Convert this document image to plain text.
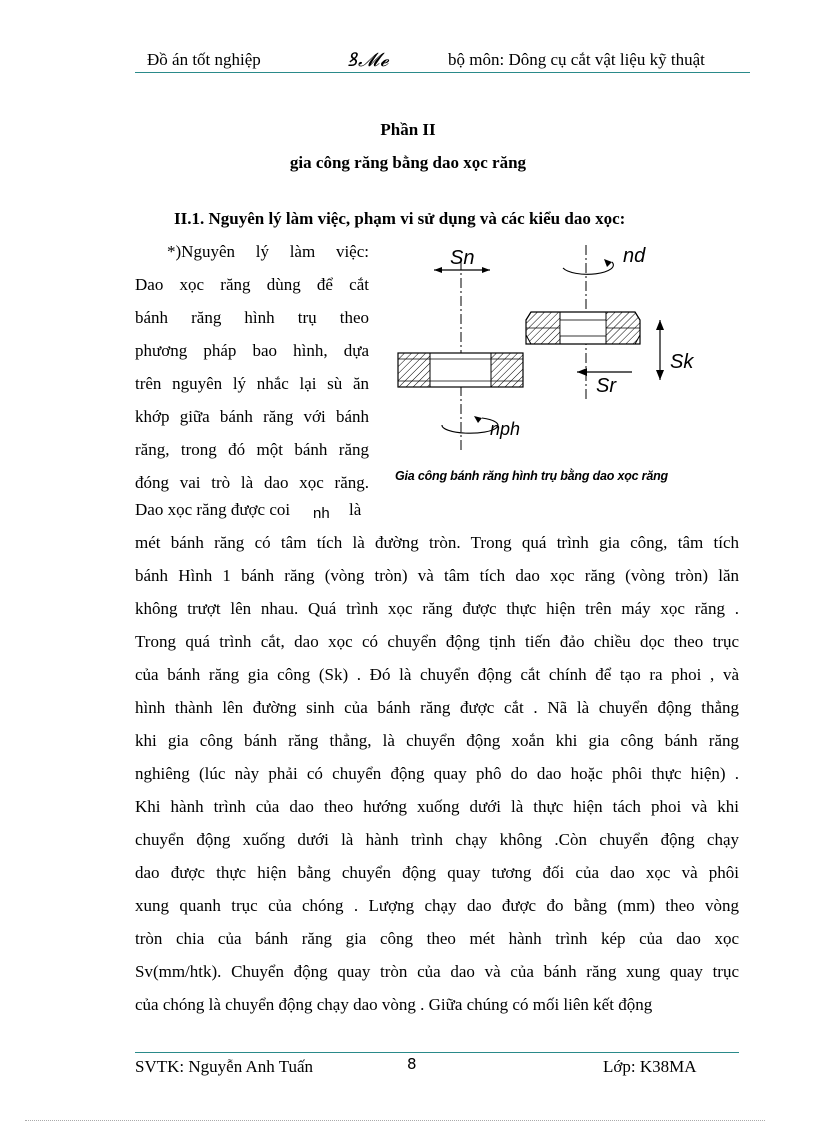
Đồ án tốt nghiệp	ꝸ𝓜𝓮	bộ môn: Dông cụ cắt vật liệu kỹ thuật
Phần II
gia công răng bằng dao xọc răng
II.1. Nguyên lý làm việc, phạm vi sử dụng và các kiểu dao xọc:
*)Nguyên lý làm việc:
Dao xọc răng dùng để cắt
bánh răng hình trụ theo
phương pháp bao hình, dựa
trên nguyên lý nhắc lại sù ăn
khớp giữa bánh răng với bánh
răng, trong đó một bánh răng
đóng vai trò là dao xọc răng.
Dao xọc răng được coi	là
nh
Sn
nph
nd
Sk
Sr
Gia công bánh răng hình trụ bằng dao xọc răng
mét bánh răng có tâm tích là đường tròn. Trong quá trình gia công, tâm tích
bánh Hình 1 bánh răng (vòng tròn) và tâm tích dao xọc răng (vòng tròn) lăn
không trượt lên nhau. Quá trình xọc răng được thực hiện trên máy xọc răng .
Trong quá trình cắt, dao xọc có chuyển động tịnh tiến đảo chiều dọc theo trục
của bánh răng gia công (Sk) . Đó là chuyển động cắt chính để tạo ra phoi , và
hình thành lên đường sinh của bánh răng được cắt . Nã là chuyển động thẳng
khi gia công bánh răng thẳng, là chuyển động xoắn khi gia công bánh răng
nghiêng (lúc này phải có chuyển động quay phô do dao hoặc phôi thực hiện) .
Khi hành trình của dao theo hướng xuống dưới là thực hiện tách phoi và khi
chuyển động xuống dưới là hành trình chạy không .Còn chuyển động chạy
dao được thực hiện bằng chuyển động quay tương đối của dao xọc và phôi
xung quanh trục của chóng . Lượng chạy dao được đo bằng (mm) theo vòng
tròn chia của bánh răng gia công theo mét hành trình kép của dao xọc
Sv(mm/htk). Chuyển động quay tròn của dao và của bánh răng xung quay trục
của chóng là chuyển động chạy dao vòng . Giữa chúng có mối liên kết động
SVTK: Nguyễn Anh Tuấn	8	Lớp: K38MA
